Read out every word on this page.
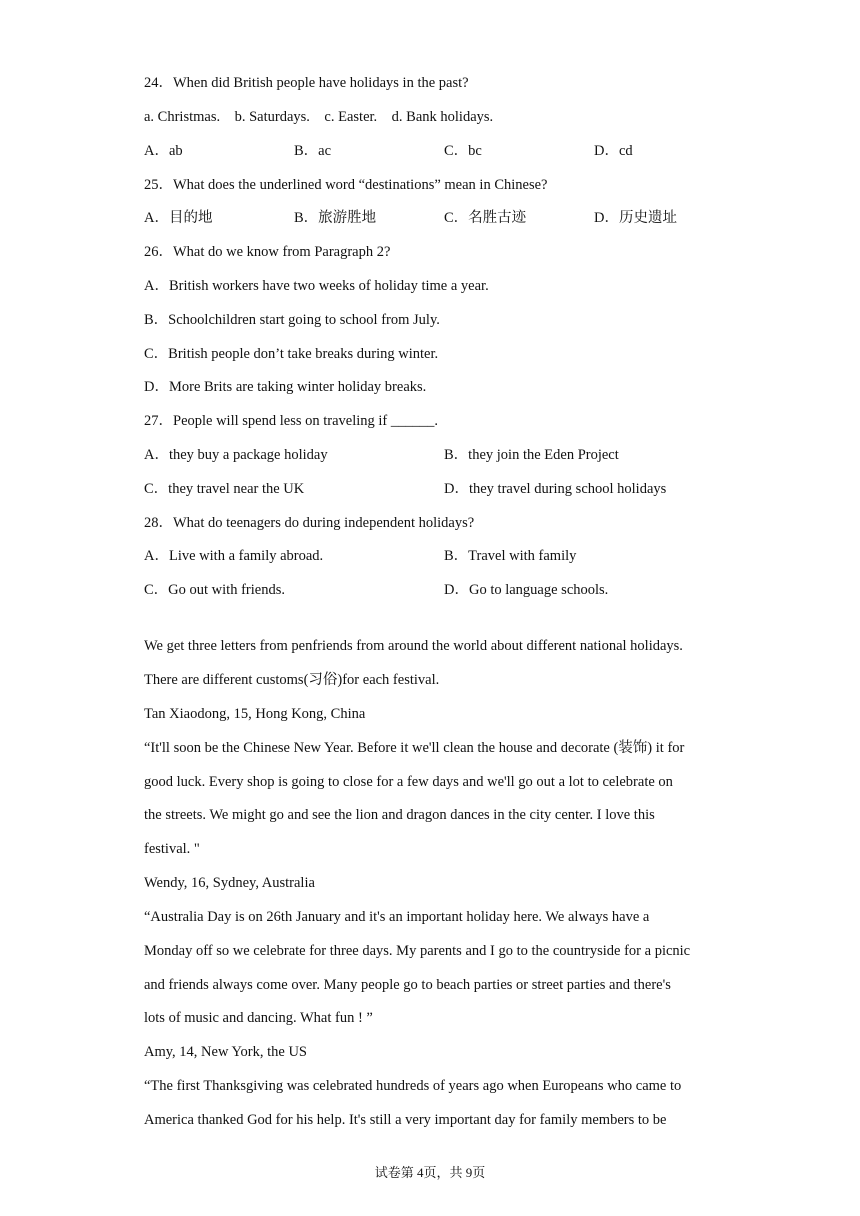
24．When did British people have holidays in the past?
a. Christmas.    b. Saturdays.    c. Easter.    d. Bank holidays.
A．ab	B．ac	C．bc	D．cd
25．What does the underlined word “destinations” mean in Chinese?
A．目的地	B．旅游胜地	C．名胜古迹	D．历史遗址
26．What do we know from Paragraph 2?
A．British workers have two weeks of holiday time a year.
B．Schoolchildren start going to school from July.
C．British people don’t take breaks during winter.
D．More Brits are taking winter holiday breaks.
27．People will spend less on traveling if ______.
A．they buy a package holiday	B．they join the Eden Project
C．they travel near the UK	D．they travel during school holidays
28．What do teenagers do during independent holidays?
A．Live with a family abroad.	B．Travel with family
C．Go out with friends.	D．Go to language schools.
We get three letters from penfriends from around the world about different national holidays.
There are different customs(习俗)for each festival.
Tan Xiaodong, 15, Hong Kong, China
“It'll soon be the Chinese New Year. Before it we'll clean the house and decorate (装饰) it for
good luck. Every shop is going to close for a few days and we'll go out a lot to celebrate on
the streets. We might go and see the lion and dragon dances in the city center. I love this
festival. "
Wendy, 16, Sydney, Australia
“Australia Day is on 26th January and it's an important holiday here. We always have a
Monday off so we celebrate for three days. My parents and I go to the countryside for a picnic
and friends always come over. Many people go to beach parties or street parties and there's
lots of music and dancing. What fun ! ”
Amy, 14, New York, the US
“The first Thanksgiving was celebrated hundreds of years ago when Europeans who came to
America thanked God for his help. It's still a very important day for family members to be
试卷第 4页，共 9页
